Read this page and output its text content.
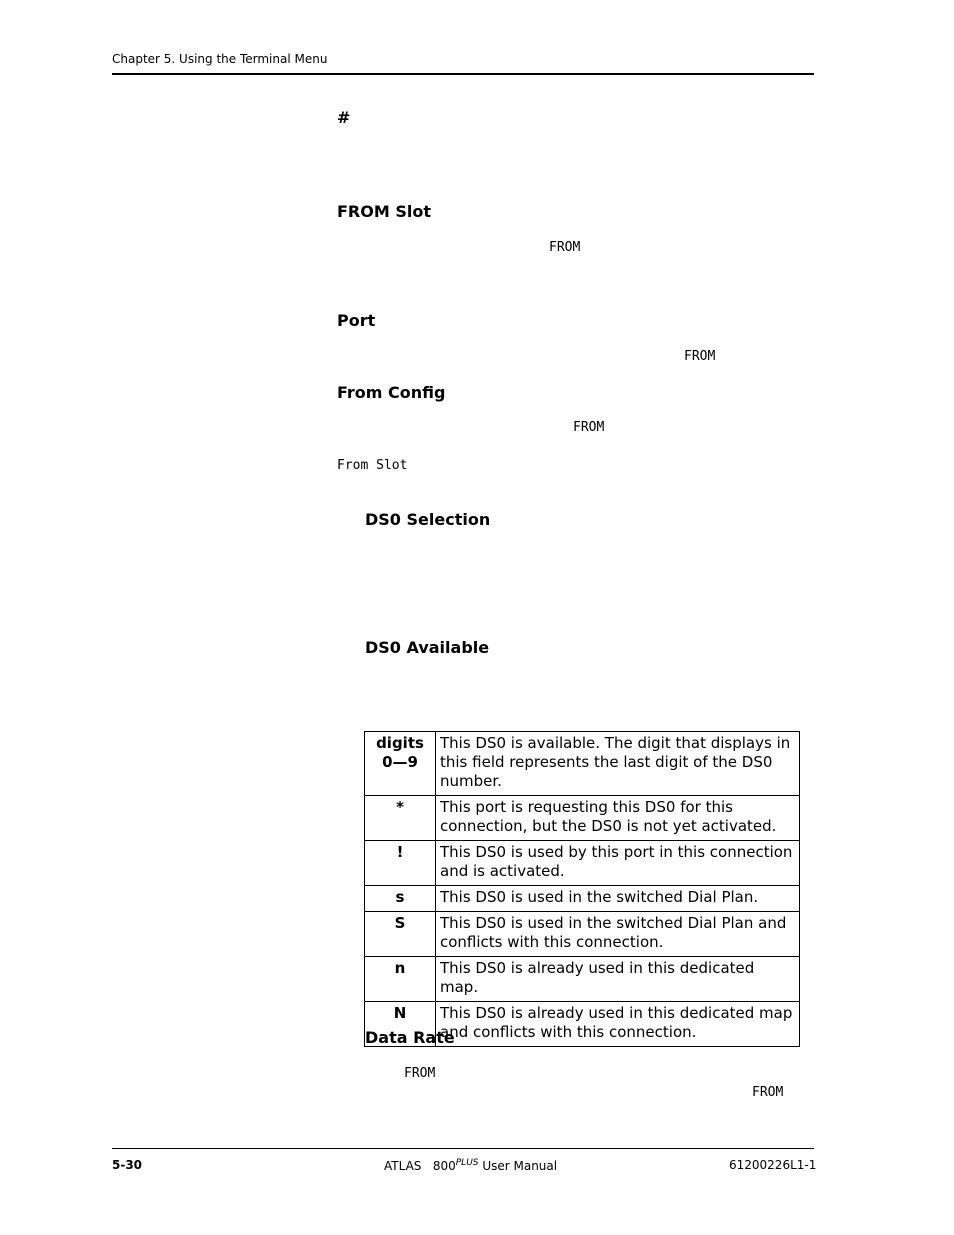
Chapter 5. Using the Terminal Menu
#
FROM Slot
FROM
Port
FROM
From Config
FROM
From Slot
DS0 Selection
DS0 Available
digits 0—9	This DS0 is available. The digit that displays in this field represents the last digit of the DS0 number.
*	This port is requesting this DS0 for this connection, but the DS0 is not yet activated.
!	This DS0 is used by this port in this connection and is activated.
s	This DS0 is used in the switched Dial Plan.
S	This DS0 is used in the switched Dial Plan and conflicts with this connection.
n	This DS0 is already used in this dedicated map.
N	This DS0 is already used in this dedicated map and conflicts with this connection.
Data Rate
FROM
FROM
5-30	ATLAS   $800^{PLUS}$ User Manual	61200226L1-1
